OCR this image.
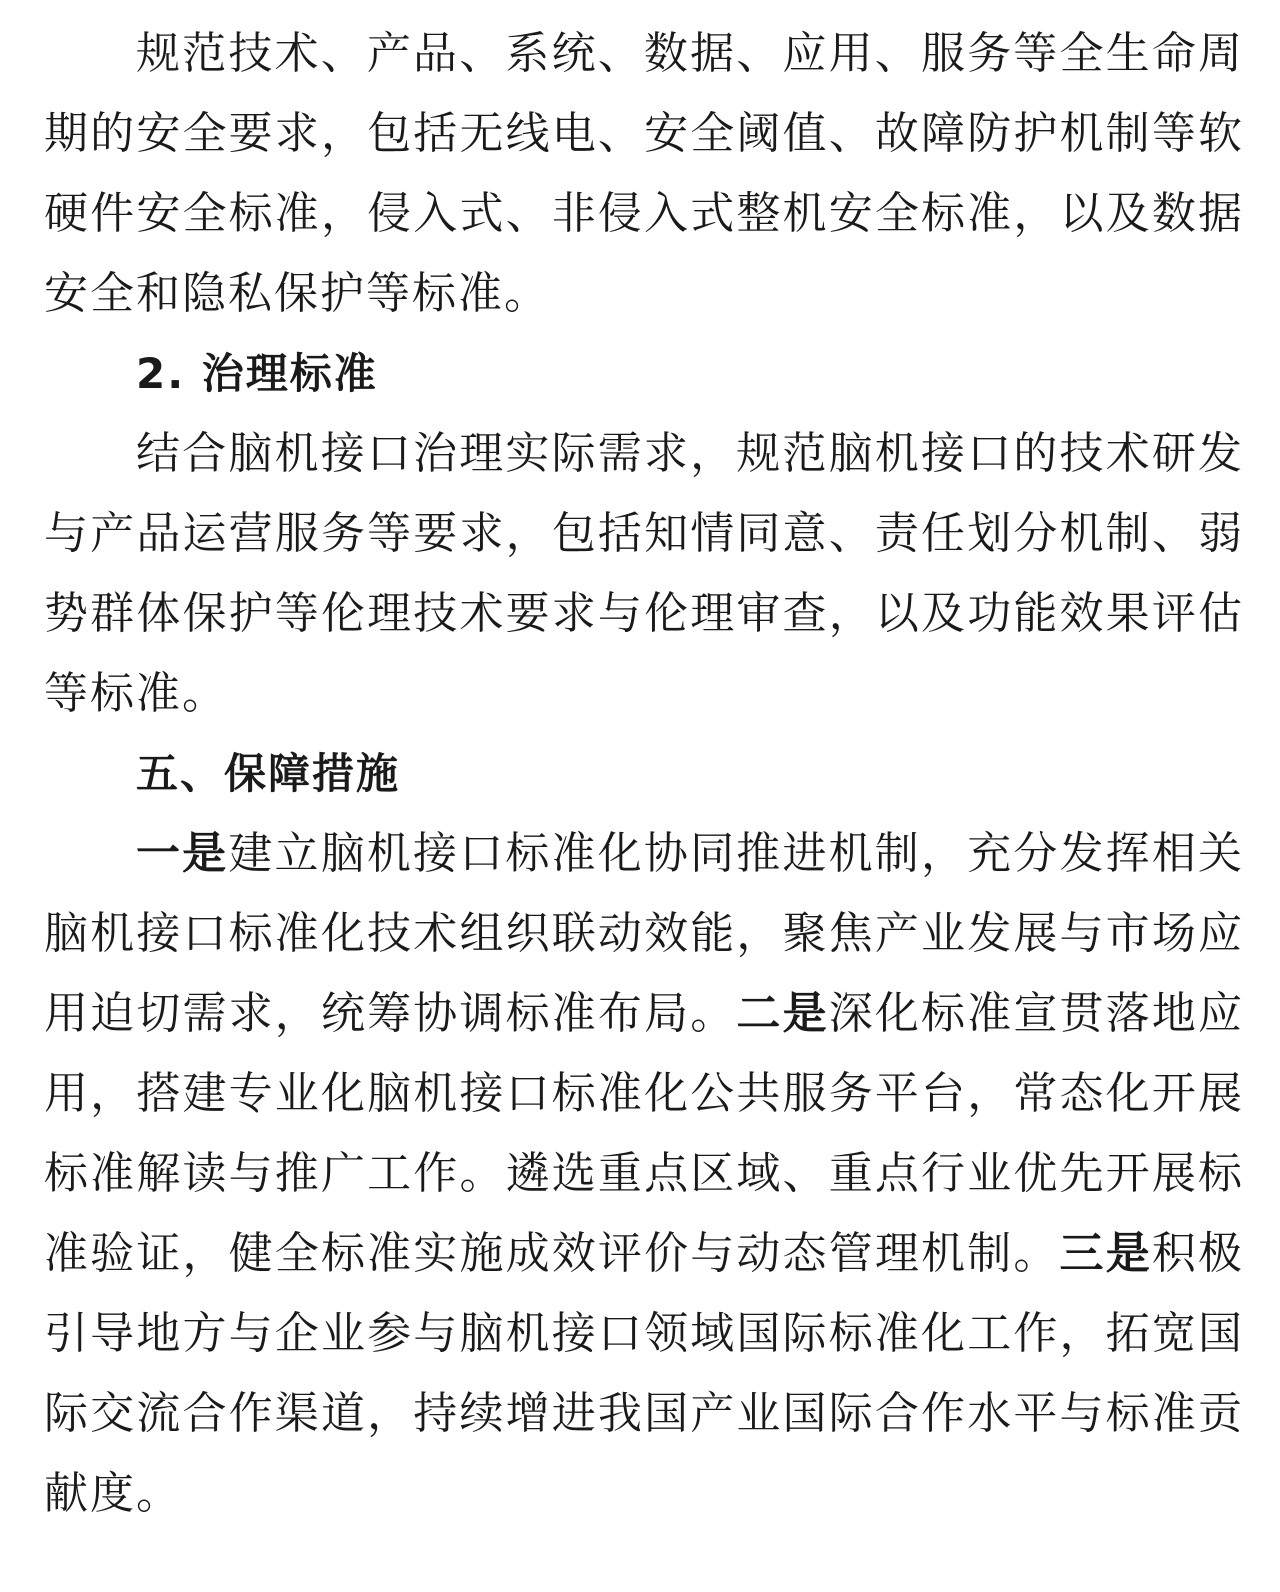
规范技术、产品、系统、数据、应用、服务等全生命周
期的安全要求，包括无线电、安全阈值、故障防护机制等软
硬件安全标准，侵入式、非侵入式整机安全标准，以及数据
安全和隐私保护等标准。
2. 治理标准
结合脑机接口治理实际需求，规范脑机接口的技术研发
与产品运营服务等要求，包括知情同意、责任划分机制、弱
势群体保护等伦理技术要求与伦理审查，以及功能效果评估
等标准。
五、保障措施
一是建立脑机接口标准化协同推进机制，充分发挥相关
脑机接口标准化技术组织联动效能，聚焦产业发展与市场应
用迫切需求，统筹协调标准布局。二是深化标准宣贯落地应
用，搭建专业化脑机接口标准化公共服务平台，常态化开展
标准解读与推广工作。遴选重点区域、重点行业优先开展标
准验证，健全标准实施成效评价与动态管理机制。三是积极
引导地方与企业参与脑机接口领域国际标准化工作，拓宽国
际交流合作渠道，持续增进我国产业国际合作水平与标准贡
献度。
